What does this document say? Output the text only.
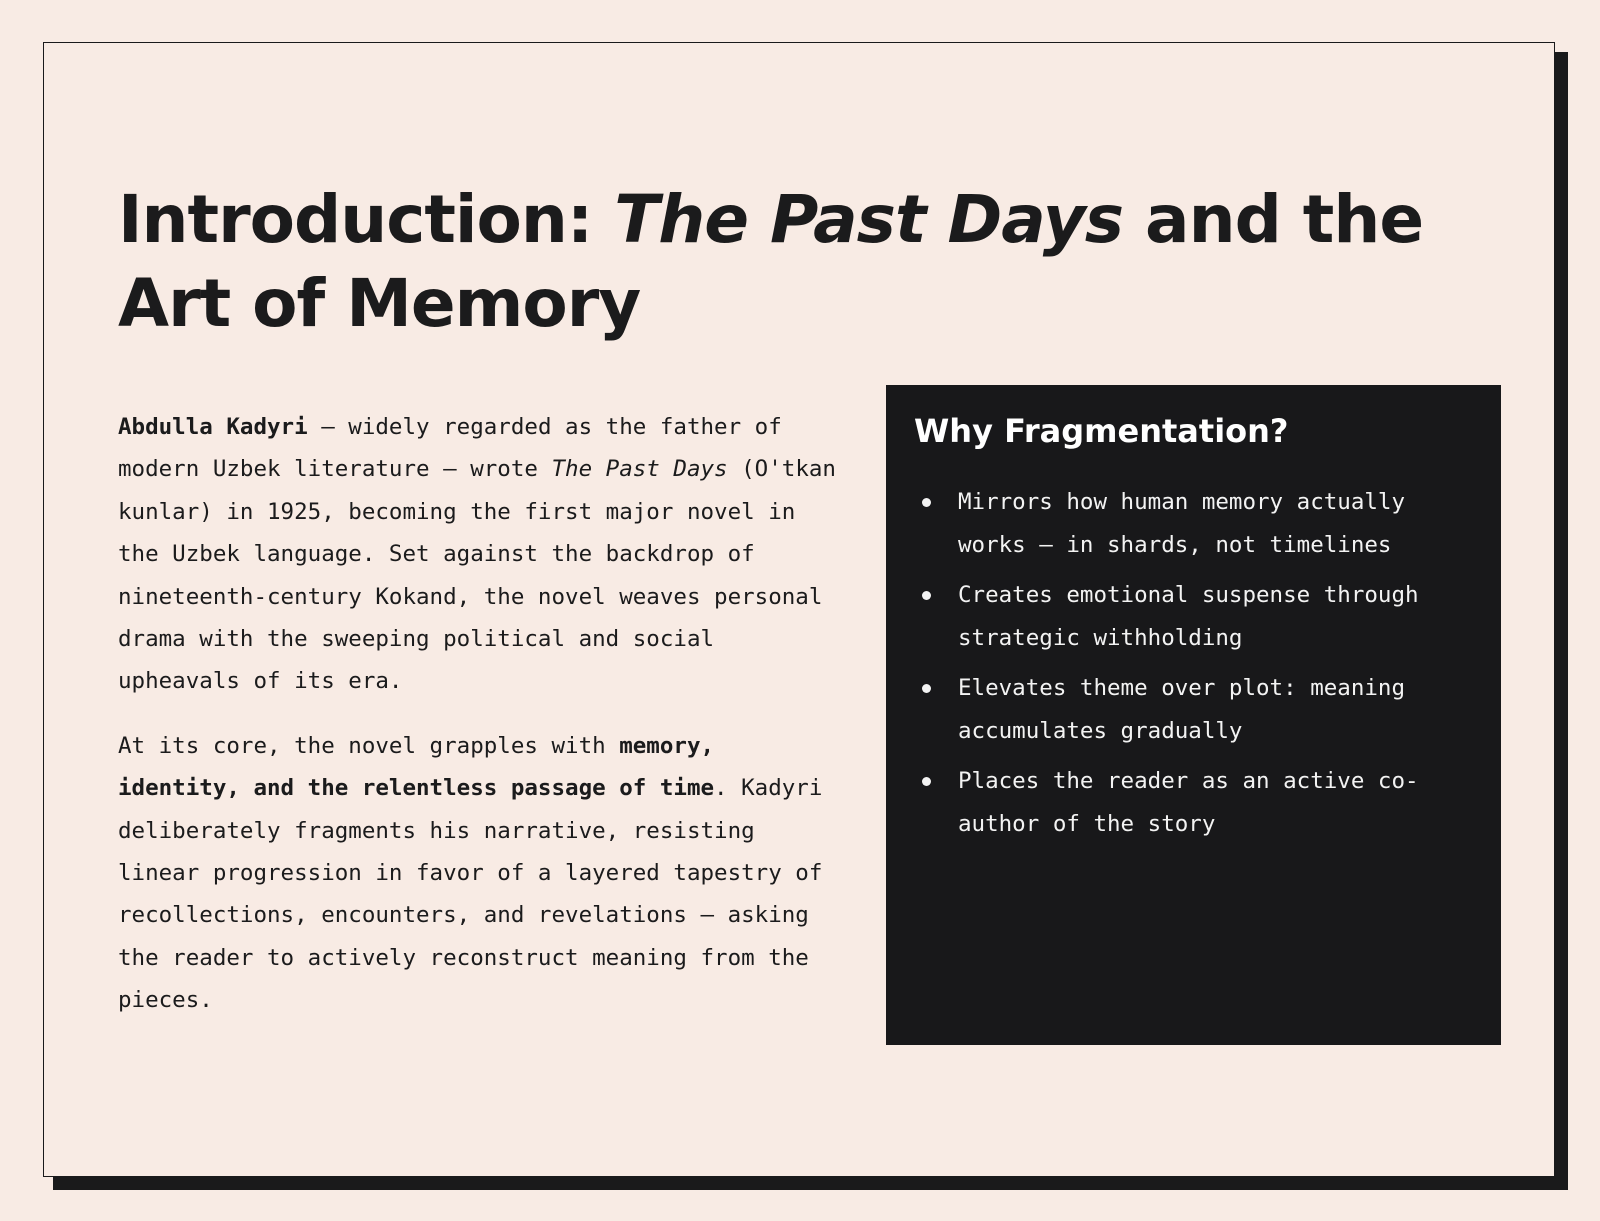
Introduction: The Past Days and the Art of Memory

Abdulla Kadyri — widely regarded as the father of modern Uzbek literature — wrote The Past Days (O'tkan kunlar) in 1925, becoming the first major novel in the Uzbek language. Set against the backdrop of nineteenth-century Kokand, the novel weaves personal drama with the sweeping political and social upheavals of its era.

At its core, the novel grapples with memory, identity, and the relentless passage of time. Kadyri deliberately fragments his narrative, resisting linear progression in favor of a layered tapestry of recollections, encounters, and revelations — asking the reader to actively reconstruct meaning from the pieces.

Why Fragmentation?
Mirrors how human memory actually works — in shards, not timelines
Creates emotional suspense through strategic withholding
Elevates theme over plot: meaning accumulates gradually
Places the reader as an active co-author of the story
